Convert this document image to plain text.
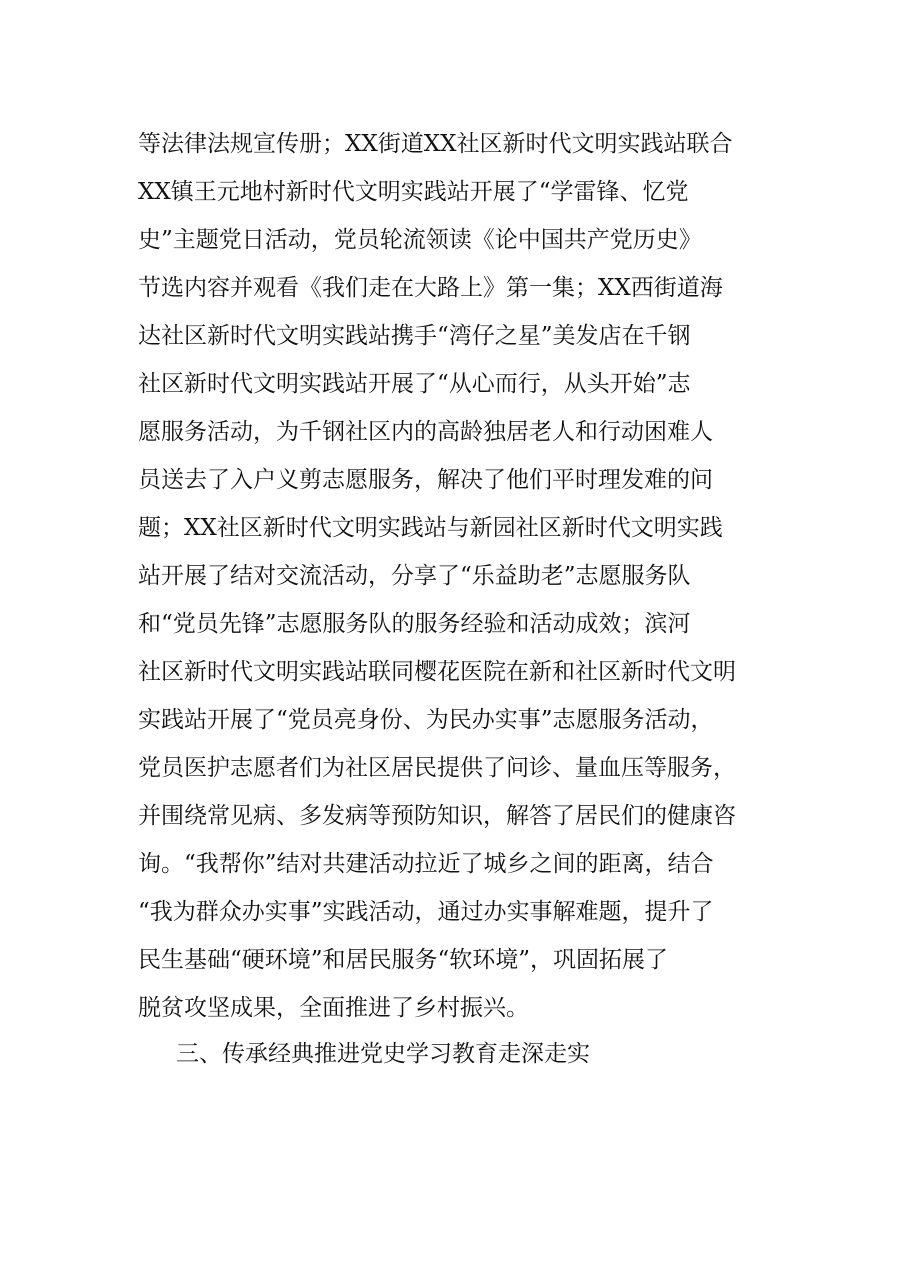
等法律法规宣传册；XX街道XX社区新时代文明实践站联合
XX镇王元地村新时代文明实践站开展了“学雷锋、忆党
史”主题党日活动，党员轮流领读《论中国共产党历史》
节选内容并观看《我们走在大路上》第一集；XX西街道海
达社区新时代文明实践站携手“湾仔之星”美发店在千钢
社区新时代文明实践站开展了“从心而行，从头开始”志
愿服务活动，为千钢社区内的高龄独居老人和行动困难人
员送去了入户义剪志愿服务，解决了他们平时理发难的问
题；XX社区新时代文明实践站与新园社区新时代文明实践
站开展了结对交流活动，分享了“乐益助老”志愿服务队
和“党员先锋”志愿服务队的服务经验和活动成效；滨河
社区新时代文明实践站联同樱花医院在新和社区新时代文明
实践站开展了“党员亮身份、为民办实事”志愿服务活动，
党员医护志愿者们为社区居民提供了问诊、量血压等服务，
并围绕常见病、多发病等预防知识，解答了居民们的健康咨
询。“我帮你”结对共建活动拉近了城乡之间的距离，结合
“我为群众办实事”实践活动，通过办实事解难题，提升了
民生基础“硬环境”和居民服务“软环境”，巩固拓展了
脱贫攻坚成果，全面推进了乡村振兴。
三、传承经典推进党史学习教育走深走实
